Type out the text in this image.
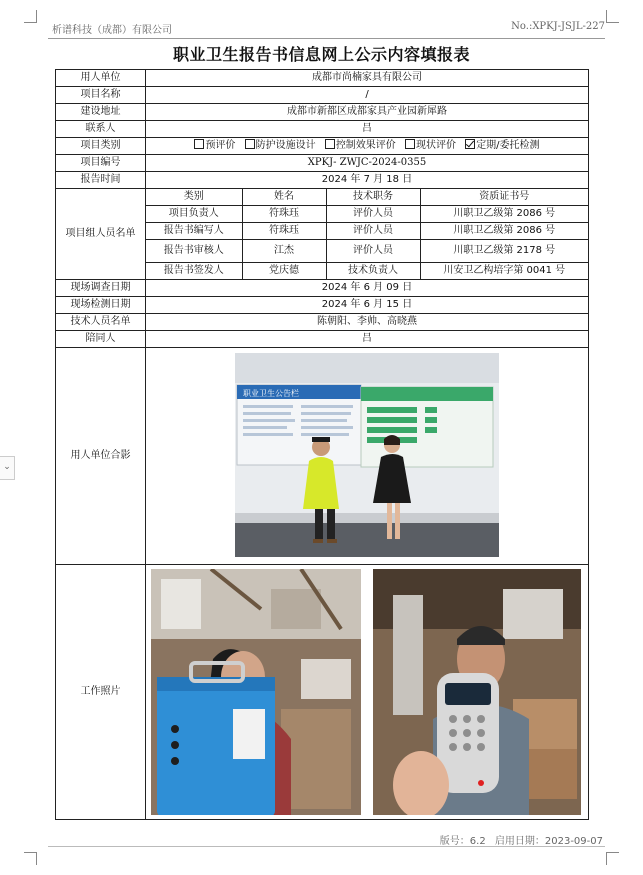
⌄
析谱科技（成都）有限公司	No.:XPKJ-JSJL-227
职业卫生报告书信息网上公示内容填报表
用人单位	成都市尚楠家具有限公司
项目名称	/
建设地址	成都市新都区成都家具产业园新犀路
联系人	吕
项目类别	预评价 防护设施设计 控制效果评价 现状评价 定期/委托检测
项目编号	XPKJ- ZWJC-2024-0355
报告时间	2024 年 7 月 18 日
项目组人员名单	
类别	姓名	技术职务	资质证书号
项目负责人	符珠珏	评价人员	川职卫乙级第 2086 号
报告书编写人	符珠珏	评价人员	川职卫乙级第 2086 号
报告书审核人	江杰	评价人员	川职卫乙级第 2178 号
报告书签发人	党庆德	技术负责人	川安卫乙构培字第 0041 号

现场调查日期	2024 年 6 月 09 日
现场检测日期	2024 年 6 月 15 日
技术人员名单	陈朝阳、李帅、高晓燕
陪同人	吕
用人单位合影	
职业卫生公告栏

工作照片	
版号：6.2 启用日期：2023-09-07
